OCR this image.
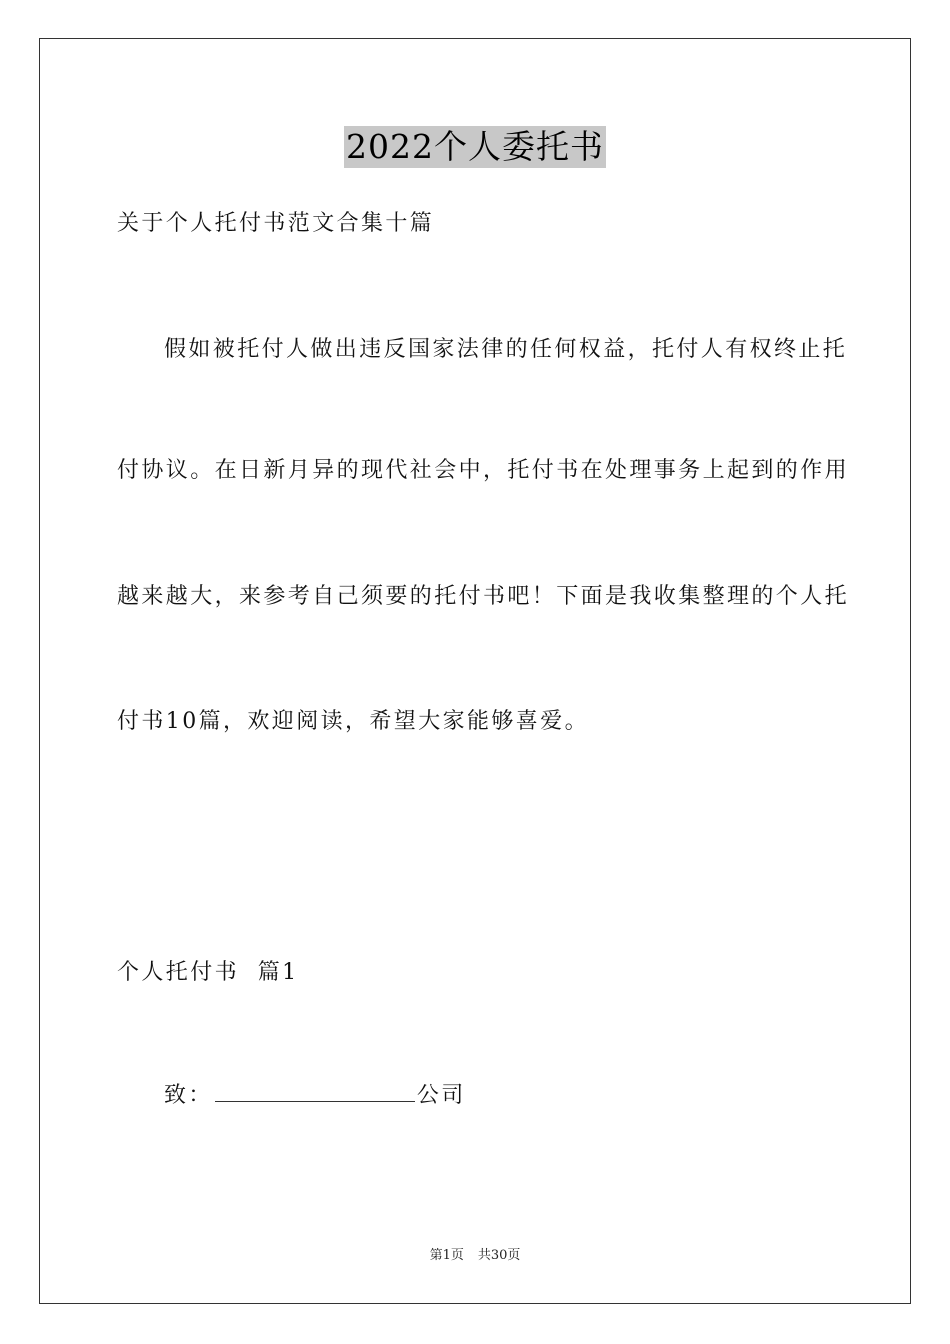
2022个人委托书
关于个人托付书范文合集十篇
假如被托付人做出违反国家法律的任何权益，托付人有权终止托
付协议。在日新月异的现代社会中，托付书在处理事务上起到的作用
越来越大，来参考自己须要的托付书吧！下面是我收集整理的个人托
付书10篇，欢迎阅读，希望大家能够喜爱。
个人托付书  篇1
致：	公司
第1页 共30页
